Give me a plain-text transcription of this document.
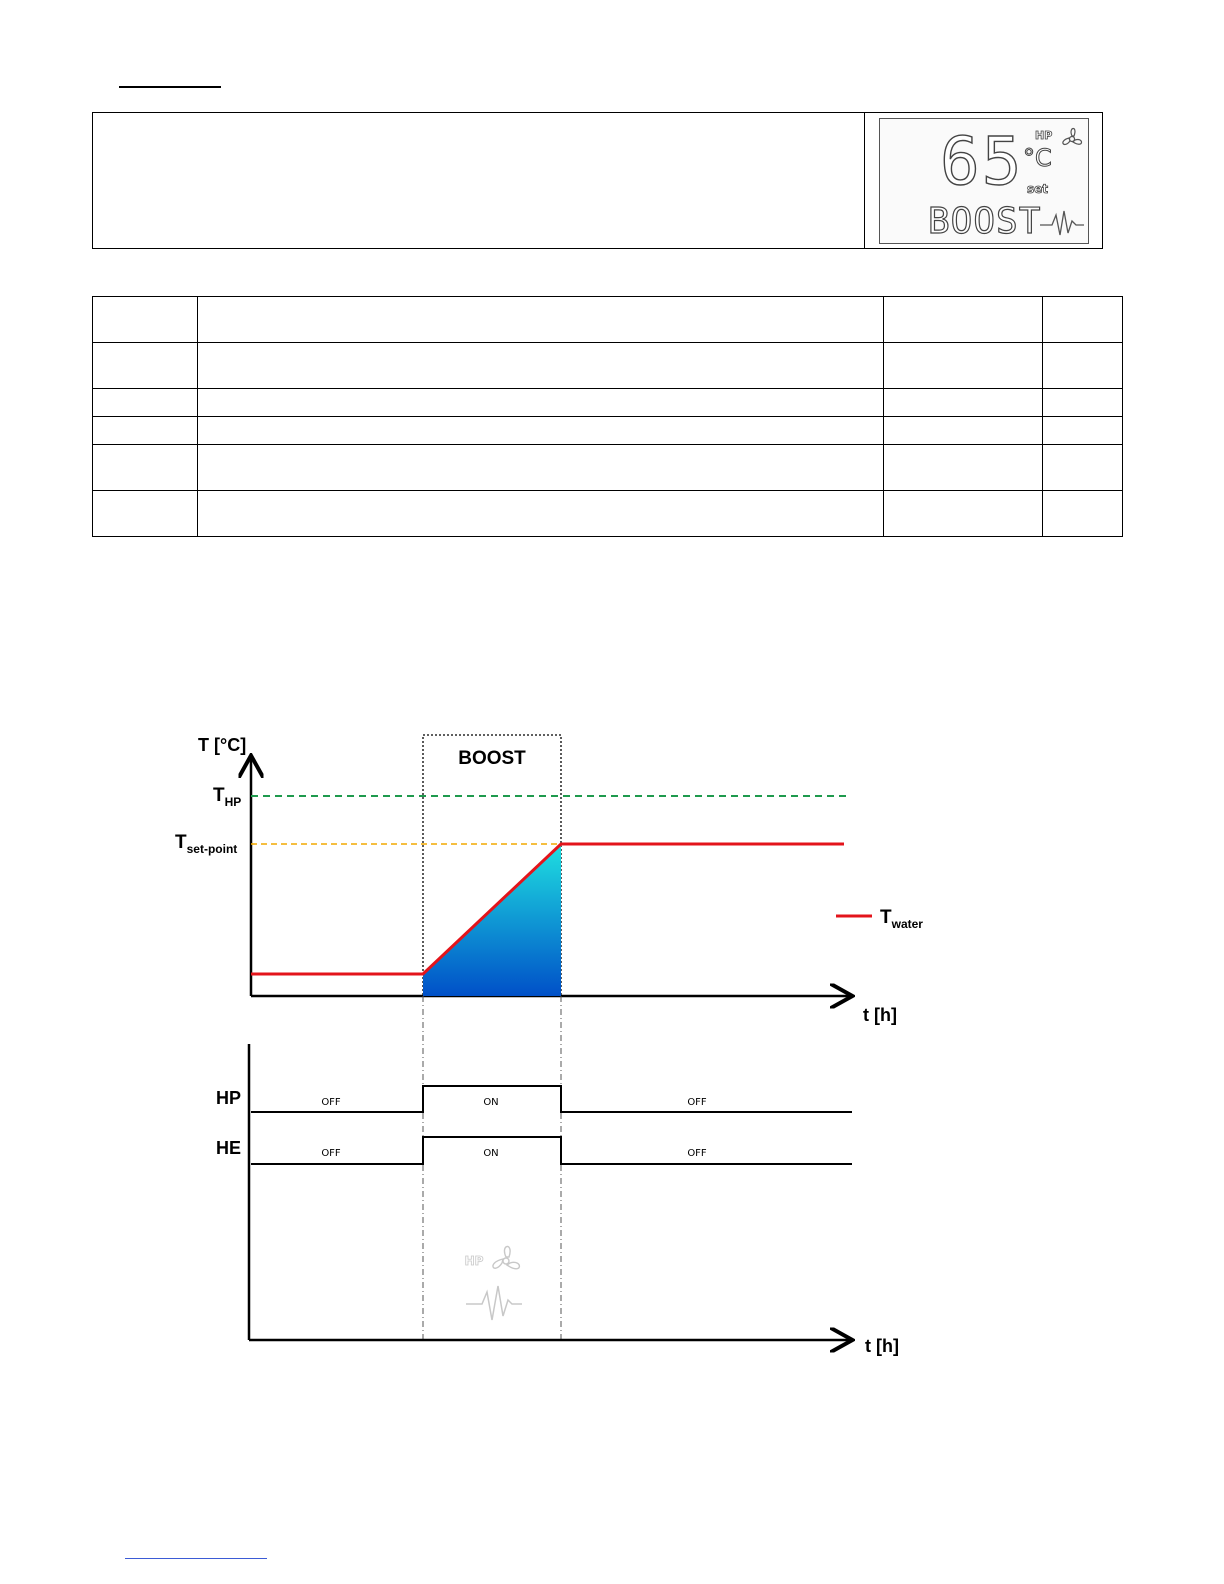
65 HP
°C
set
BOOST

BOOST
T [°C]
t [h]
$T_{HP}$
$T_{set-point}$
$T_{water}$
t [h]
HP	OFF	ON	OFF
HE	OFF	ON	OFF
HP
